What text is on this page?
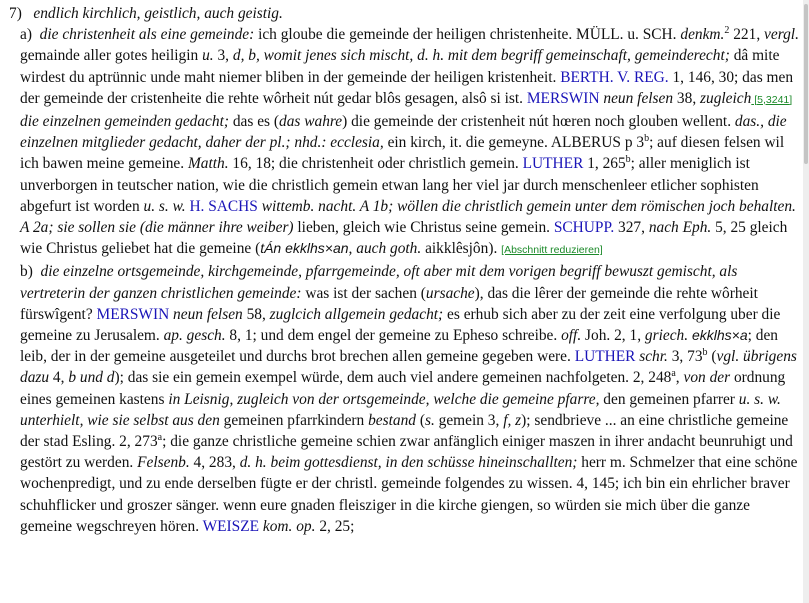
7) endlich kirchlich, geistlich, auch geistig.
a) die christenheit als eine gemeinde: ich gloube die gemeinde der heiligen christenheite. MÜLL. u. SCH. denkm.$^2$ 221, vergl. gemainde aller gotes heiligin u. 3, d, b, womit jenes sich mischt, d. h. mit dem begriff gemeinschaft, gemeinderecht; dâ mite wirdest du aptrünnic unde maht niemer bliben in der gemeinde der heiligen kristenheit. BERTH. V. REG. 1, 146, 30; das men der gemeinde der cristenheite die rehte wôrheit nút gedar blôs gesagen, alsô si ist. MERSWIN neun felsen 38, zugleich [5,3241] die einzelnen gemeinden gedacht; das es (das wahre) die gemeinde der cristenheit nút hœren noch glouben wellent. das., die einzelnen mitglieder gedacht, daher der pl.; nhd.: ecclesia, ein kirch, it. die gemeyne. ALBERUS p 3$^b$; auf diesen felsen wil ich bawen meine gemeine. Matth. 16, 18; die christenheit oder christlich gemein. LUTHER 1, 265$^b$; aller meniglich ist unverborgen in teutscher nation, wie die christlich gemein etwan lang her viel jar durch menschenleer etlicher sophisten abgefurt ist worden u. s. w. H. SACHS wittemb. nacht. A 1b; wöllen die christlich gemein unter dem römischen joch behalten. A 2a; sie sollen sie (die männer ihre weiber) lieben, gleich wie Christus seine gemein. SCHUPP. 327, nach Eph. 5, 25 gleich wie Christus geliebet hat die gemeine (tÁn ekklhs×an, auch goth. aikklêsjôn). [Abschnitt reduzieren]
b) die einzelne ortsgemeinde, kirchgemeinde, pfarrgemeinde, oft aber mit dem vorigen begriff bewuszt gemischt, als vertreterin der ganzen christlichen gemeinde: was ist der sachen (ursache), das die lêrer der gemeinde die rehte wôrheit fürswîgent? MERSWIN neun felsen 58, zuglcich allgemein gedacht; es erhub sich aber zu der zeit eine verfolgung uber die gemeine zu Jerusalem. ap. gesch. 8, 1; und dem engel der gemeine zu Epheso schreibe. off. Joh. 2, 1, griech. ekklhs×a; den leib, der in der gemeine ausgeteilet und durchs brot brechen allen gemeine gegeben were. LUTHER schr. 3, 73$^b$ (vgl. übrigens dazu 4, b und d); das sie ein gemein exempel würde, dem auch viel andere gemeinen nachfolgeten. 2, 248$^a$, von der ordnung eines gemeinen kastens in Leisnig, zugleich von der ortsgemeinde, welche die gemeine pfarre, den gemeinen pfarrer u. s. w. unterhielt, wie sie selbst aus den gemeinen pfarrkindern bestand (s. gemein 3, f, z); sendbrieve ... an eine christliche gemeine der stad Esling. 2, 273$^a$; die ganze christliche gemeine schien zwar anfänglich einiger maszen in ihrer andacht beunruhigt und gestört zu werden. Felsenb. 4, 283, d. h. beim gottesdienst, in den schüsse hineinschallten; herr m. Schmelzer that eine schöne wochenpredigt, und zu ende derselben fügte er der christl. gemeinde folgendes zu wissen. 4, 145; ich bin ein ehrlicher braver schuhflicker und groszer sänger. wenn eure gnaden fleisziger in die kirche giengen, so würden sie mich über die ganze gemeine wegschreyen hören. WEISZE kom. op. 2, 25;
